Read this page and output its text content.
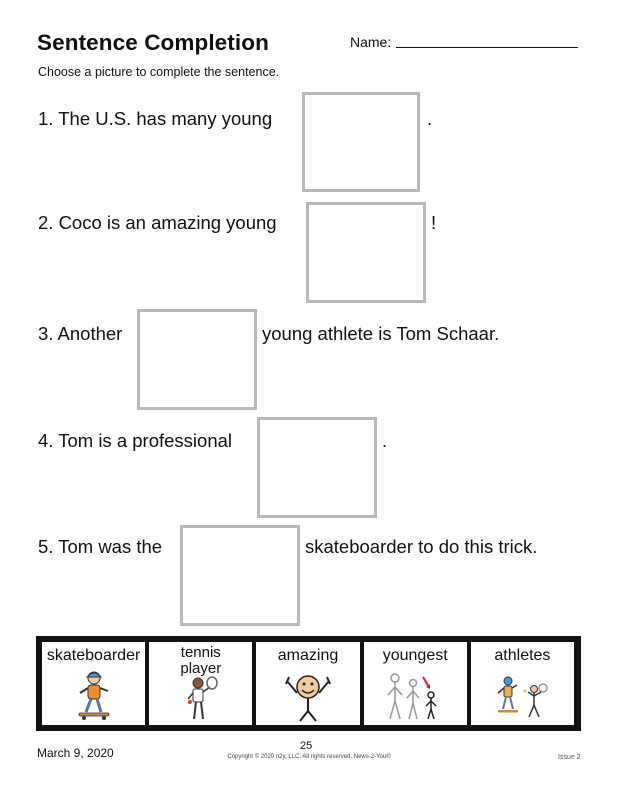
Sentence Completion	Name:
Choose a picture to complete the sentence.
1. The U.S. has many young	.
2. Coco is an amazing young	!
3. Another	young athlete is Tom Schaar.
4. Tom is a professional	.
5. Tom was the	skateboarder to do this trick.
skateboarder	tennis player
amazing	youngest	athletes
March 9, 2020	25
Copyright © 2020 n2y, LLC. All rights reserved. News-2-You®	Issue 2
